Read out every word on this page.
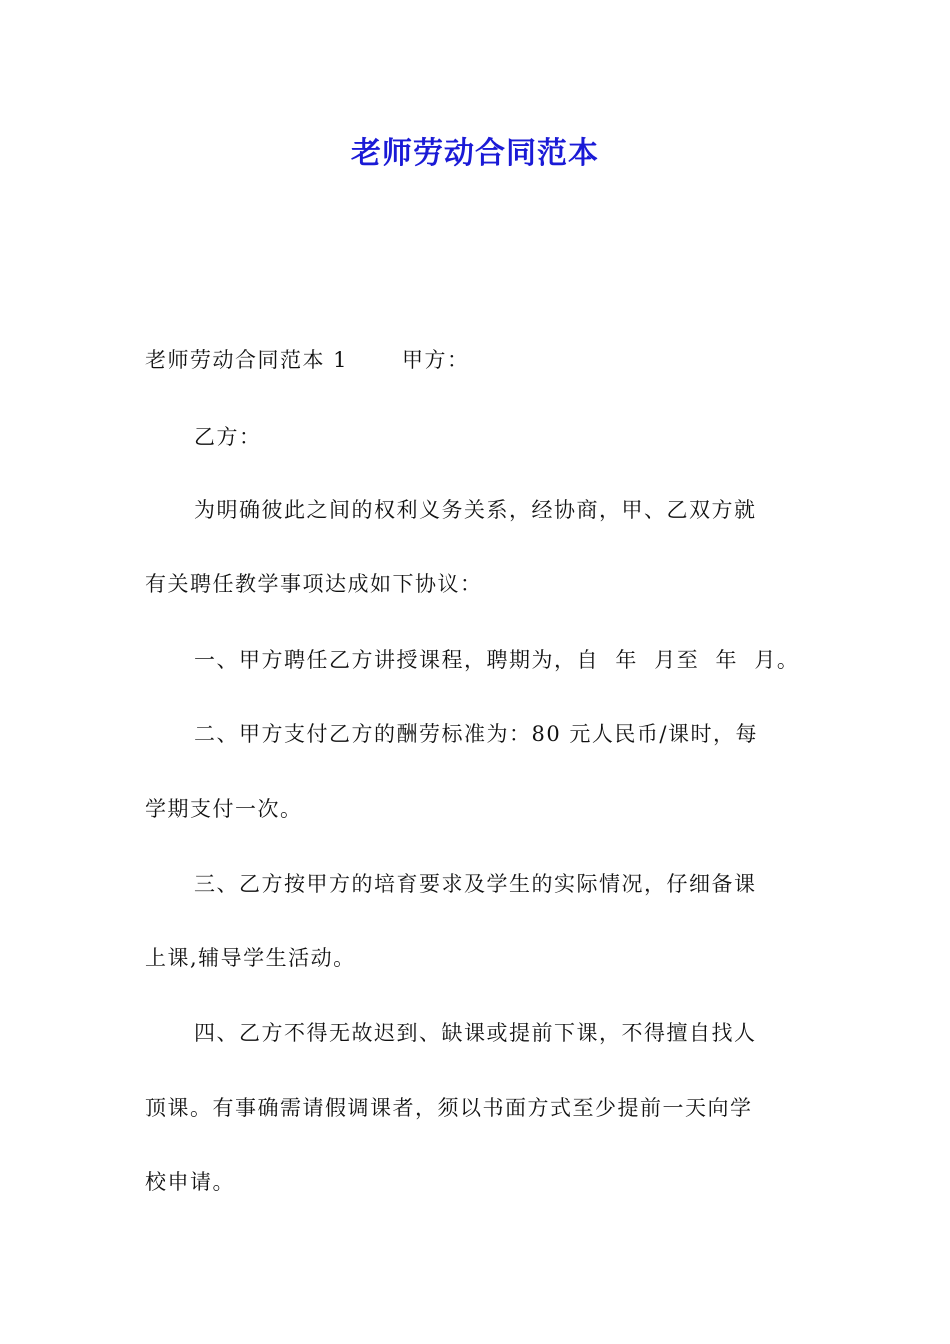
老师劳动合同范本

老师劳动合同范本 1	甲方：

乙方：

为明确彼此之间的权利义务关系，经协商，甲、乙双方就

有关聘任教学事项达成如下协议：

一、甲方聘任乙方讲授课程，聘期为，自  年  月至  年  月。

二、甲方支付乙方的酬劳标准为：80 元人民币/课时，每

学期支付一次。

三、乙方按甲方的培育要求及学生的实际情况，仔细备课

上课,辅导学生活动。

四、乙方不得无故迟到、缺课或提前下课，不得擅自找人

顶课。有事确需请假调课者，须以书面方式至少提前一天向学

校申请。
